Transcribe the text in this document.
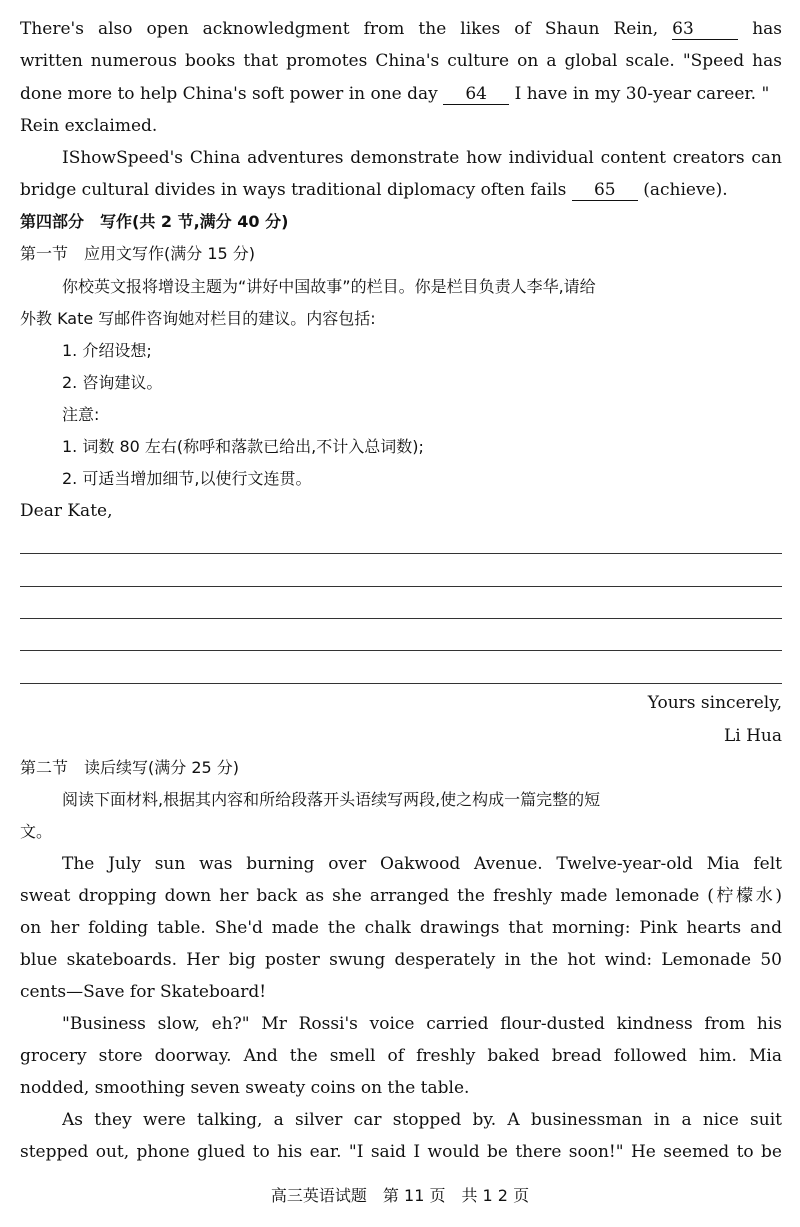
There's also open acknowledgment from the likes of Shaun Rein, 63	has
written numerous books that promotes China's culture on a global scale. "Speed has
done more to help China's soft power in one day 64 I have in my 30-year career. "
Rein exclaimed.
IShowSpeed's China adventures demonstrate how individual content creators can
bridge cultural divides in ways traditional diplomacy often fails 65 (achieve).
第四部分　写作(共 2 节,满分 40 分)
第一节　应用文写作(满分 15 分)
你校英文报将增设主题为“讲好中国故事”的栏目。你是栏目负责人李华,请给
外教 Kate 写邮件咨询她对栏目的建议。内容包括:
1. 介绍设想;
2. 咨询建议。
注意:
1. 词数 80 左右(称呼和落款已给出,不计入总词数);
2. 可适当增加细节,以使行文连贯。
Dear Kate,
Yours sincerely,
Li Hua
第二节　读后续写(满分 25 分)
阅读下面材料,根据其内容和所给段落开头语续写两段,使之构成一篇完整的短
文。
The July sun was burning over Oakwood Avenue. Twelve-year-old Mia felt
sweat dropping down her back as she arranged the freshly made lemonade (柠檬水)
on her folding table. She'd made the chalk drawings that morning: Pink hearts and
blue skateboards. Her big poster swung desperately in the hot wind: Lemonade 50
cents—Save for Skateboard!
"Business slow, eh?" Mr Rossi's voice carried flour-dusted kindness from his
grocery store doorway. And the smell of freshly baked bread followed him. Mia
nodded, smoothing seven sweaty coins on the table.
As they were talking, a silver car stopped by. A businessman in a nice suit
stepped out, phone glued to his ear. "I said I would be there soon!" He seemed to be
高三英语试题　第 11 页　共 1 2 页
